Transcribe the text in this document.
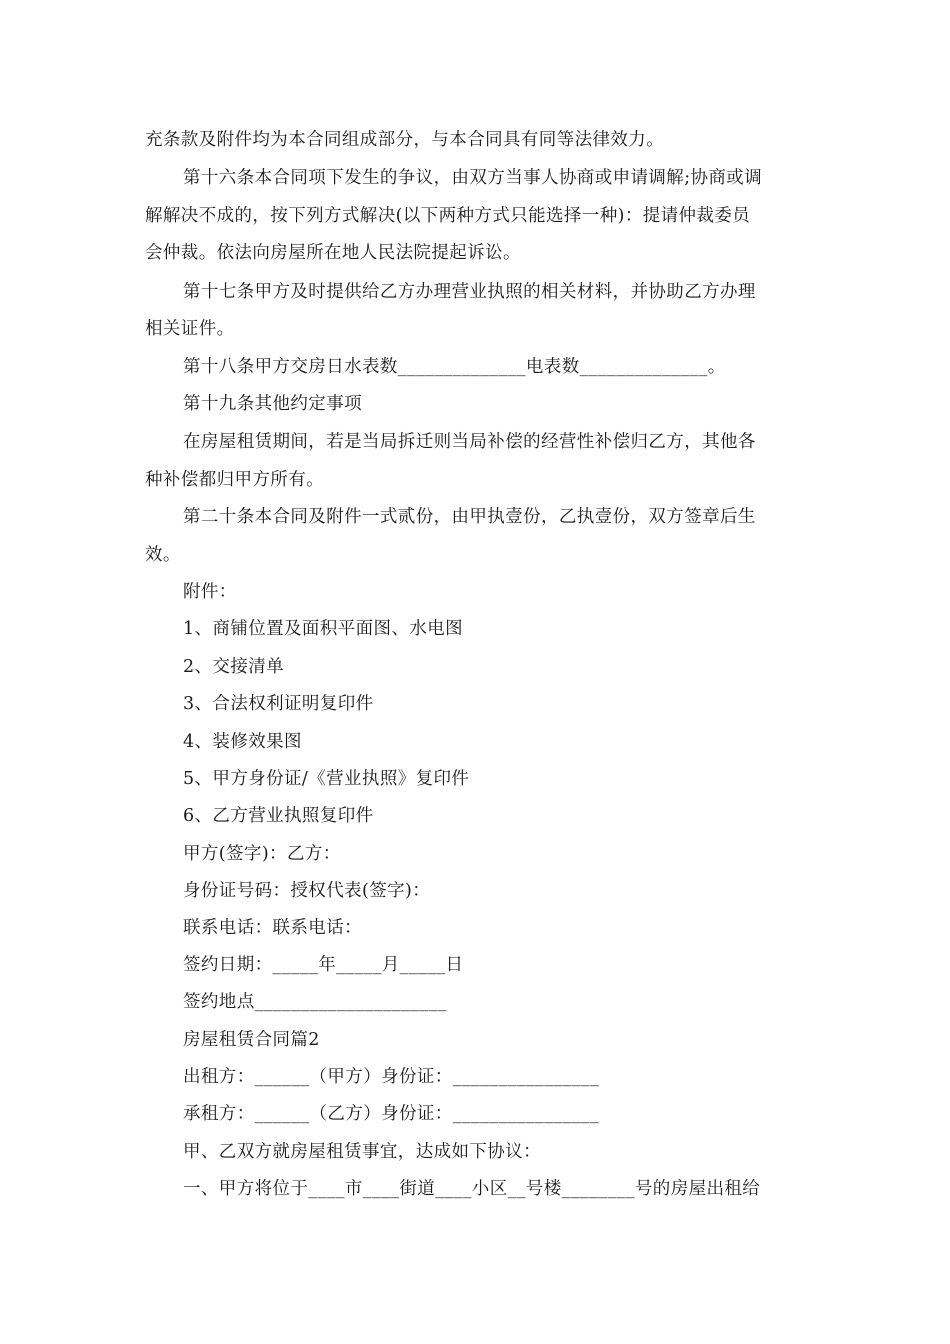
充条款及附件均为本合同组成部分，与本合同具有同等法律效力。
第十六条本合同项下发生的争议，由双方当事人协商或申请调解;协商或调
解解决不成的，按下列方式解决(以下两种方式只能选择一种)：提请仲裁委员
会仲裁。依法向房屋所在地人民法院提起诉讼。
第十七条甲方及时提供给乙方办理营业执照的相关材料，并协助乙方办理
相关证件。
第十八条甲方交房日水表数______________电表数______________。
第十九条其他约定事项
在房屋租赁期间，若是当局拆迁则当局补偿的经营性补偿归乙方，其他各
种补偿都归甲方所有。
第二十条本合同及附件一式贰份，由甲执壹份，乙执壹份，双方签章后生
效。
附件：
1、商铺位置及面积平面图、水电图
2、交接清单
3、合法权利证明复印件
4、装修效果图
5、甲方身份证/《营业执照》复印件
6、乙方营业执照复印件
甲方(签字)：乙方：
身份证号码：授权代表(签字)：
联系电话：联系电话：
签约日期：_____年_____月_____日
签约地点_____________________
房屋租赁合同篇2
出租方：______（甲方）身份证：________________
承租方：______（乙方）身份证：________________
甲、乙双方就房屋租赁事宜，达成如下协议：
一、甲方将位于____市____街道____小区__号楼________号的房屋出租给
